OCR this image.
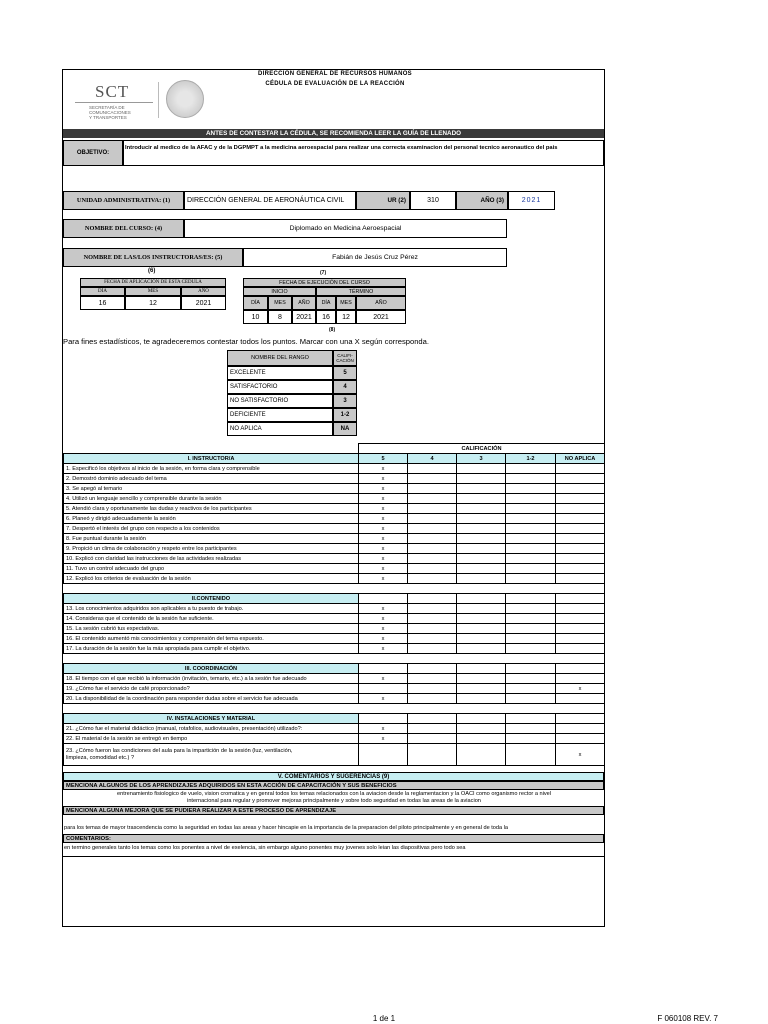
SCT
SECRETARÍA DE
COMUNICACIONES
Y TRANSPORTES
DIRECCIÓN GENERAL DE RECURSOS HUMANOS
CÉDULA DE EVALUACIÓN DE LA REACCIÓN
ANTES DE CONTESTAR LA CÉDULA, SE RECOMIENDA LEER LA GUÍA DE LLENADO
OBJETIVO:
Introducir al medico de la AFAC y de la DGPMPT a la medicina aeroespacial para realizar una correcta examinacion del personal tecnico aeronautico del pais
UNIDAD ADMINISTRATIVA: (1)	DIRECCIÓN GENERAL DE AERONÁUTICA CIVIL	UR (2)	310	AÑO (3)	2021
NOMBRE DEL CURSO: (4)	Diplomado en Medicina Aeroespacial
NOMBRE DE LAS/LOS INSTRUCTORAS/ES: (5)	Fabián de Jesús Cruz Pérez
(6)
FECHA DE APLICACIÓN DE ESTA CÉDULA
DÍA	MES	AÑO
16	12	2021
(7)
FECHA DE EJECUCIÓN DEL CURSO
INICIO	TÉRMINO
DÍA	MES	AÑO	DÍA	MES	AÑO
10	8	2021	16	12	2021
(8)
Para fines estadísticos, te agradeceremos contestar todos los puntos. Marcar con una X según corresponda.
NOMBRE DEL RANGO	CALIFI-
CACIÓN
EXCELENTE	5
SATISFACTORIO	4
NO SATISFACTORIO	3
DEFICIENTE	1-2
NO APLICA	NA
	CALIFICACIÓN				
I. INSTRUCTOR/A	5	4	3	1-2	NO APLICA
1. Especificó los objetivos al inicio de la sesión, en forma clara y comprensible	x				
2. Demostró dominio adecuado del tema	x				
3. Se apegó al temario	x				
4. Utilizó un lenguaje sencillo y comprensible durante la sesión	x				
5. Atendió clara y oportunamente las dudas y reactivos de los participantes	x				
6. Planeó y dirigió adecuadamente la sesión	x				
7. Despertó el interés del grupo con respecto a los contenidos	x				
8. Fue puntual durante la sesión	x				
9. Propició un clima de colaboración y respeto entre los participantes	x				
10. Explicó con claridad las instrucciones de las actividades realizadas	x				
11. Tuvo un control adecuado del grupo	x				
12. Explicó los criterios de evaluación de la sesión	x				

II.CONTENIDO					
13. Los conocimientos adquiridos son aplicables a tu puesto de trabajo.	x				
14. Consideras que el contenido de la sesión fue suficiente.	x				
15. La sesión cubrió tus expectativas.	x				
16. El contenido aumentó mis conocimientos y comprensión del tema expuesto.	x				
17. La duración de la sesión fue la más apropiada para cumplir el objetivo.	x				

III. COORDINACIÓN					
18. El tiempo con el que recibió la información (invitación, temario, etc.) a la sesión fue adecuado	x				
19. ¿Cómo fue el servicio de café proporcionado?					x
20. La disponibilidad de la coordinación para responder dudas sobre el servicio fue adecuada	x				

IV. INSTALACIONES Y MATERIAL					
21. ¿Cómo fue el material didáctico (manual, rotafolios, audiovisuales, presentación) utilizado?:	x				
22. El material de la sesión se entregó en tiempo	x				

23. ¿Cómo fueron las condiciones del aula para la impartición de la sesión (luz, ventilación,
limpieza, comodidad etc.) ?					x

V. COMENTARIOS Y SUGERENCIAS (9)
MENCIONA ALGUNOS DE LOS APRENDIZAJES ADQUIRIDOS EN ESTA ACCIÓN DE CAPACITACIÓN Y SUS BENEFICIOS
entrenamiento fisiologico de vuelo, vision cromatica y en genral todos los temas relacionados con la aviacion desde la reglamentacion y la OACI como organismo rector a nivel
internacional para regular y promover mejoras principalmente y sobre todo seguridad en todas las areas de la aviacion
MENCIONA ALGUNA MEJORA QUE SE PUDIERA REALIZAR A ESTE PROCESO DE APRENDIZAJE
para los temas de mayor trascendencia como la seguridad en todas las areas y hacer hincapie en la importancia de la preparacion del piloto principalmente y en general de toda la
COMENTARIOS:
en termino generales tanto los temas como los ponentes a nivel de exelencia, sin embargo alguno ponentes muy jovenes solo leian las diapositivas pero todo sea
1 de 1	F 060108 REV. 7
